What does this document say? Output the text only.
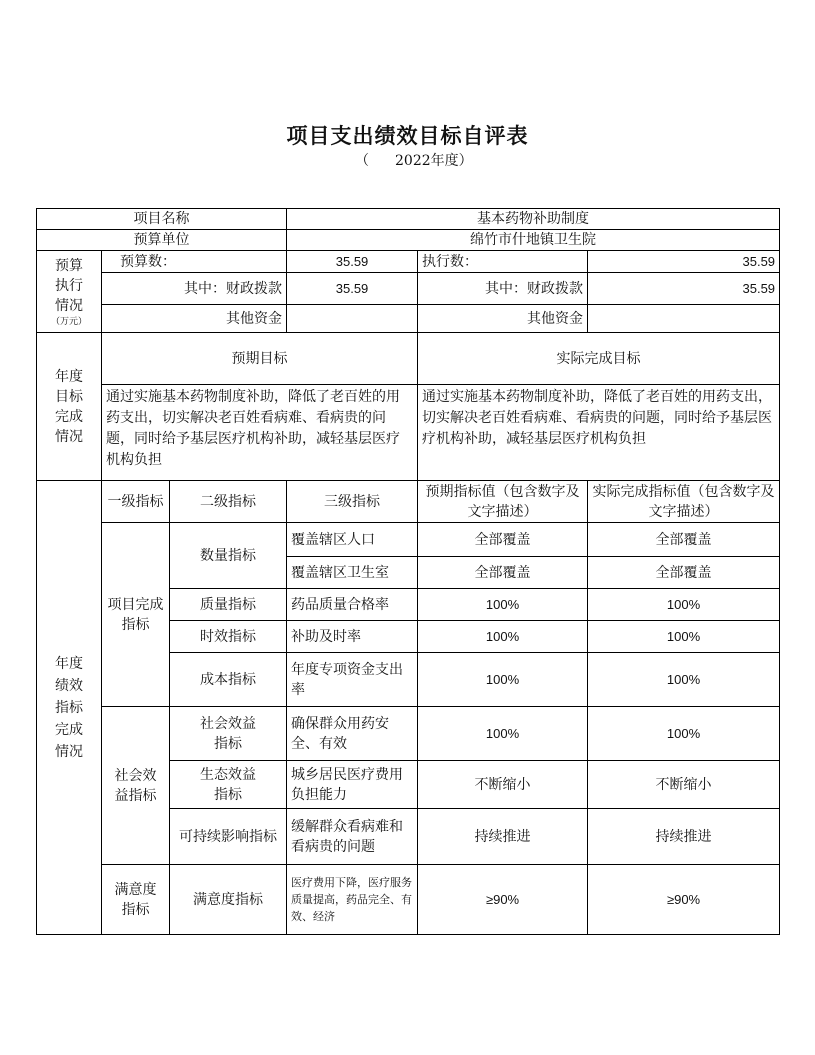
项目支出绩效目标自评表
（ 2022年度）
项目名称			基本药物补助制度		
预算单位			绵竹市什地镇卫生院		

预算执行情况
（万元）	预算数：		35.59	执行数：	35.59
	其中：财政拨款		35.59	其中：财政拨款	35.59
	其他资金			其他资金	

年度目标完成情况	预期目标			实际完成目标	
	通过实施基本药物制度补助，降低了老百姓的用药支出，切实解决老百姓看病难、看病贵的问题，同时给予基层医疗机构补助，减轻基层医疗机构负担			通过实施基本药物制度补助，降低了老百姓的用药支出，切实解决老百姓看病难、看病贵的问题，同时给予基层医疗机构补助，减轻基层医疗机构负担	

年度绩效指标完成情况	一级指标	二级指标	三级指标	预期指标值（包含数字及文字描述）	实际完成指标值（包含数字及文字描述）

	项目完成指标	数量指标	覆盖辖区人口	全部覆盖	全部覆盖
			覆盖辖区卫生室	全部覆盖	全部覆盖
		质量指标	药品质量合格率	100%	100%
		时效指标	补助及时率	100%	100%
		成本指标	年度专项资金支出率	100%	100%

	社会效益指标	社会效益指标	确保群众用药安全、有效	100%	100%

		生态效益指标	城乡居民医疗费用负担能力	不断缩小	不断缩小

		可持续影响指标	缓解群众看病难和看病贵的问题	持续推进	持续推进

	满意度指标	满意度指标	医疗费用下降，医疗服务质量提高，药品完全、有效、经济	≥90%	≥90%
